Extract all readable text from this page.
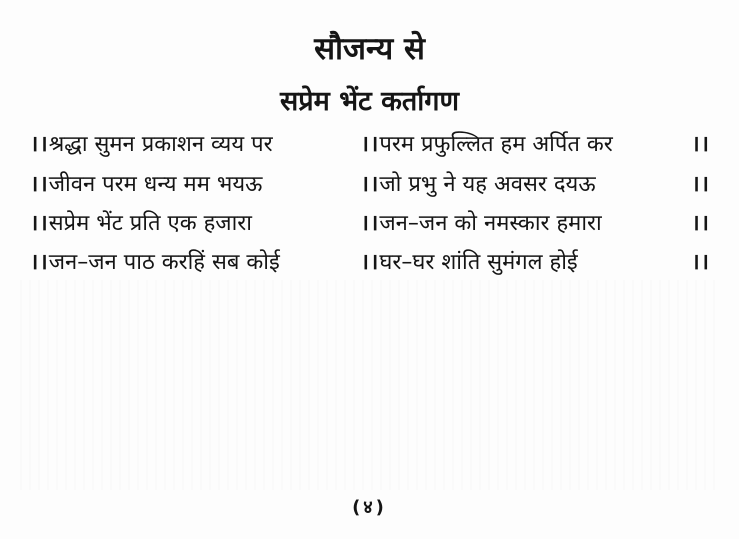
सौजन्य से
सप्रेम भेंट कर्तागण
।। श्रद्धा सुमन प्रकाशन व्यय पर	।। परम प्रफुल्लित हम अर्पित कर	।।
।। जीवन परम धन्य मम भयऊ	।। जो प्रभु ने यह अवसर दयऊ	।।
।। सप्रेम भेंट प्रति एक हजारा	।। जन–जन को नमस्कार हमारा	।।
।। जन–जन पाठ करहिं सब कोई	।। घर–घर शांति सुमंगल होई	।।
(४)
